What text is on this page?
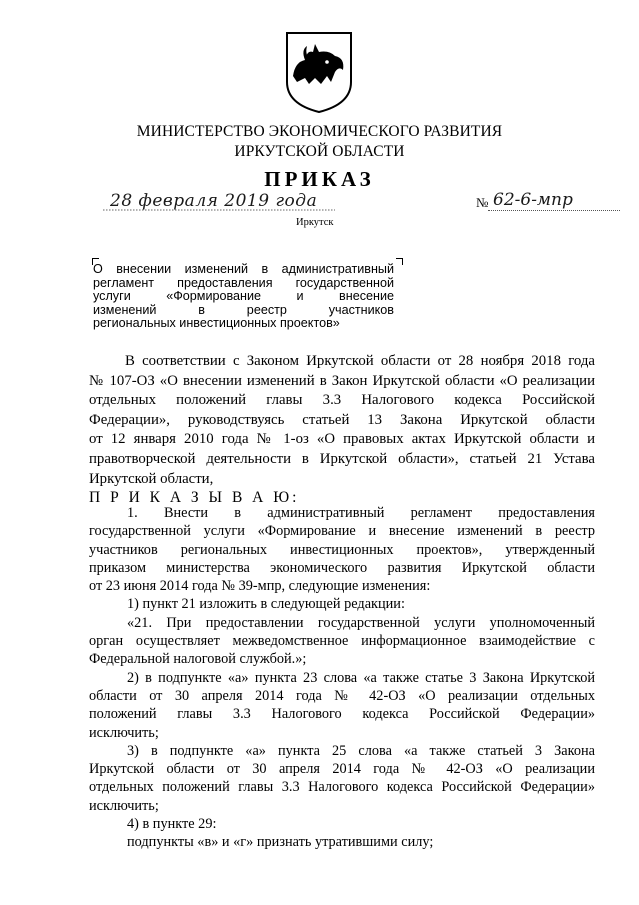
МИНИСТЕРСТВО ЭКОНОМИЧЕСКОГО РАЗВИТИЯ
ИРКУТСКОЙ ОБЛАСТИ
ПРИКАЗ
28 февраля 2019 года
Иркутск
№ 62-6-мпр
О внесении изменений в административный
регламент предоставления государственной
услуги «Формирование и внесение
изменений в реестр участников
региональных инвестиционных проектов»
В соответствии с Законом Иркутской области от 28 ноября 2018 года
№ 107-ОЗ «О внесении изменений в Закон Иркутской области «О реализации
отдельных положений главы 3.3 Налогового кодекса Российской
Федерации», руководствуясь статьей 13 Закона Иркутской области
от 12 января 2010 года № 1-оз «О правовых актах Иркутской области и
правотворческой деятельности в Иркутской области», статьей 21 Устава
Иркутской области,
П Р И К А З Ы В А Ю:
1. Внести в административный регламент предоставления
государственной услуги «Формирование и внесение изменений в реестр
участников региональных инвестиционных проектов», утвержденный
приказом министерства экономического развития Иркутской области
от 23 июня 2014 года № 39-мпр, следующие изменения:
1) пункт 21 изложить в следующей редакции:
«21. При предоставлении государственной услуги уполномоченный
орган осуществляет межведомственное информационное взаимодействие с
Федеральной налоговой службой.»;
2) в подпункте «а» пункта 23 слова «а также статье 3 Закона Иркутской
области от 30 апреля 2014 года № 42-ОЗ «О реализации отдельных
положений главы 3.3 Налогового кодекса Российской Федерации»
исключить;
3) в подпункте «а» пункта 25 слова «а также статьей 3 Закона
Иркутской области от 30 апреля 2014 года № 42-ОЗ «О реализации
отдельных положений главы 3.3 Налогового кодекса Российской Федерации»
исключить;
4) в пункте 29:
подпункты «в» и «г» признать утратившими силу;
